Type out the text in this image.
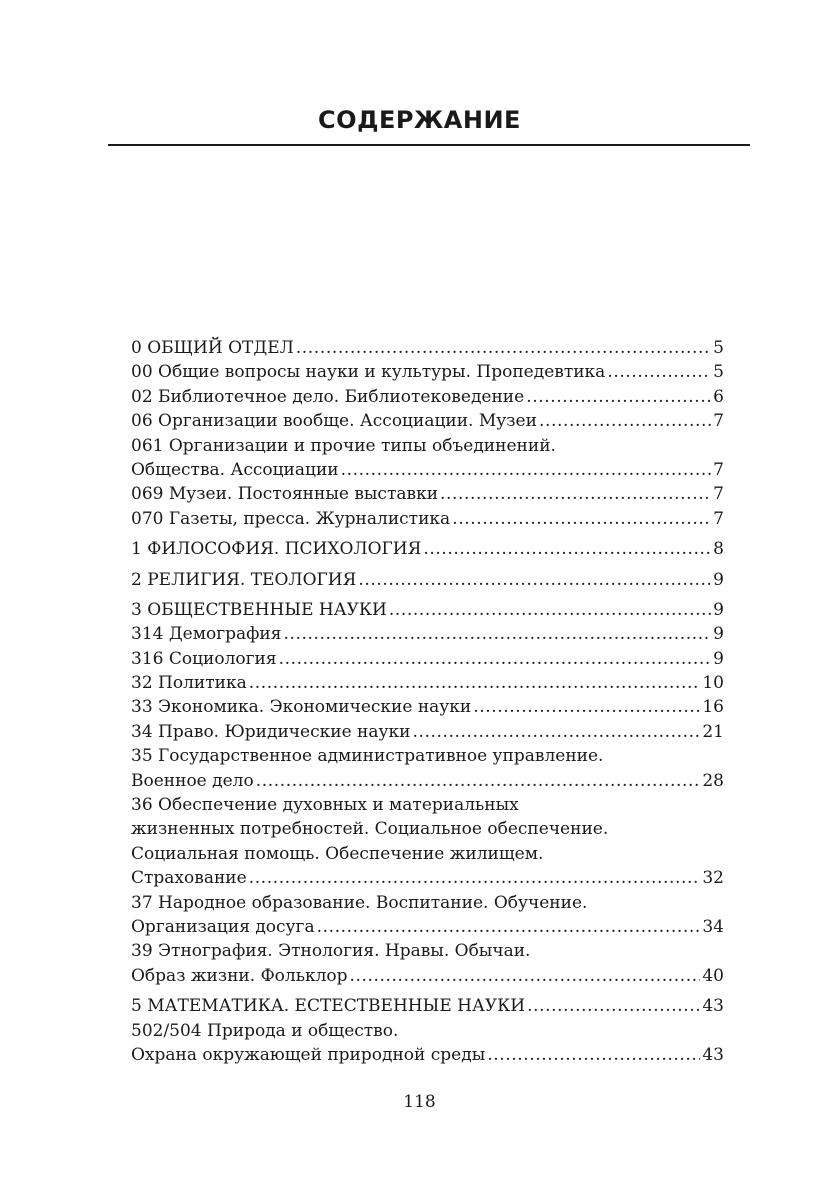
СОДЕРЖАНИЕ
0 ОБЩИЙ ОТДЕЛ .....	5
00 Общие вопросы науки и культуры. Пропедевтика .....	5
02 Библиотечное дело. Библиотековедение .....	6
06 Организации вообще. Ассоциации. Музеи .....	7
061 Организации и прочие типы объединений.
Общества. Ассоциации .....	7
069 Музеи. Постоянные выставки .....	7
070 Газеты, пресса. Журналистика .....	7
1 ФИЛОСОФИЯ. ПСИХОЛОГИЯ .....	8
2 РЕЛИГИЯ. ТЕОЛОГИЯ .....	9
3 ОБЩЕСТВЕННЫЕ НАУКИ .....	9
314 Демография .....	9
316 Социология .....	9
32 Политика .....	10
33 Экономика. Экономические науки .....	16
34 Право. Юридические науки .....	21
35 Государственное административное управление.
Военное дело .....	28
36 Обеспечение духовных и материальных
жизненных потребностей. Социальное обеспечение.
Социальная помощь. Обеспечение жилищем.
Страхование .....	32
37 Народное образование. Воспитание. Обучение.
Организация досуга .....	34
39 Этнография. Этнология. Нравы. Обычаи.
Образ жизни. Фольклор .....	40
5 МАТЕМАТИКА. ЕСТЕСТВЕННЫЕ НАУКИ .....	43
502/504 Природа и общество.
Охрана окружающей природной среды .....	43
118
